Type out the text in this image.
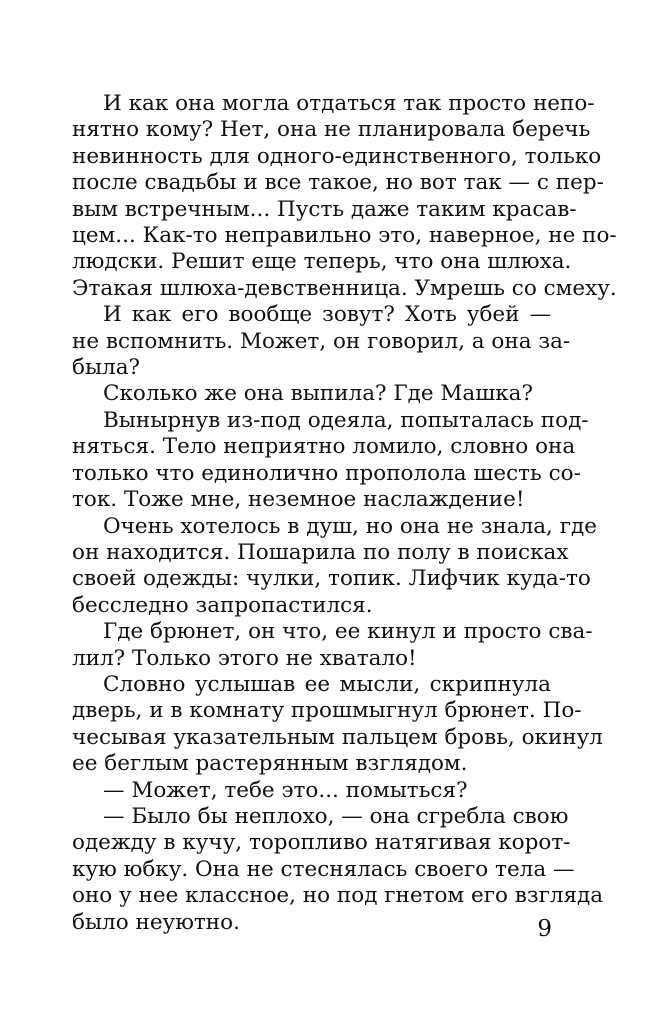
И как она могла отдаться так просто непо-
нятно кому? Нет, она не планировала беречь
невинность для одного-единственного, только
после свадьбы и все такое, но вот так — с пер-
вым встречным... Пусть даже таким красав-
цем... Как-то неправильно это, наверное, не по-
людски. Решит еще теперь, что она шлюха.
Этакая шлюха-девственница. Умрешь со смеху.

И как его вообще зовут? Хоть убей —
не вспомнить. Может, он говорил, а она за-
была?

Сколько же она выпила? Где Машка?

Вынырнув из-под одеяла, попыталась под-
няться. Тело неприятно ломило, словно она
только что единолично прополола шесть со-
ток. Тоже мне, неземное наслаждение!

Очень хотелось в душ, но она не знала, где
он находится. Пошарила по полу в поисках
своей одежды: чулки, топик. Лифчик куда-то
бесследно запропастился.

Где брюнет, он что, ее кинул и просто сва-
лил? Только этого не хватало!

Словно услышав ее мысли, скрипнула
дверь, и в комнату прошмыгнул брюнет. По-
чесывая указательным пальцем бровь, окинул
ее беглым растерянным взглядом.

— Может, тебе это... помыться?

— Было бы неплохо, — она сгребла свою
одежду в кучу, торопливо натягивая корот-
кую юбку. Она не стеснялась своего тела —
оно у нее классное, но под гнетом его взгляда
было неуютно.	9
